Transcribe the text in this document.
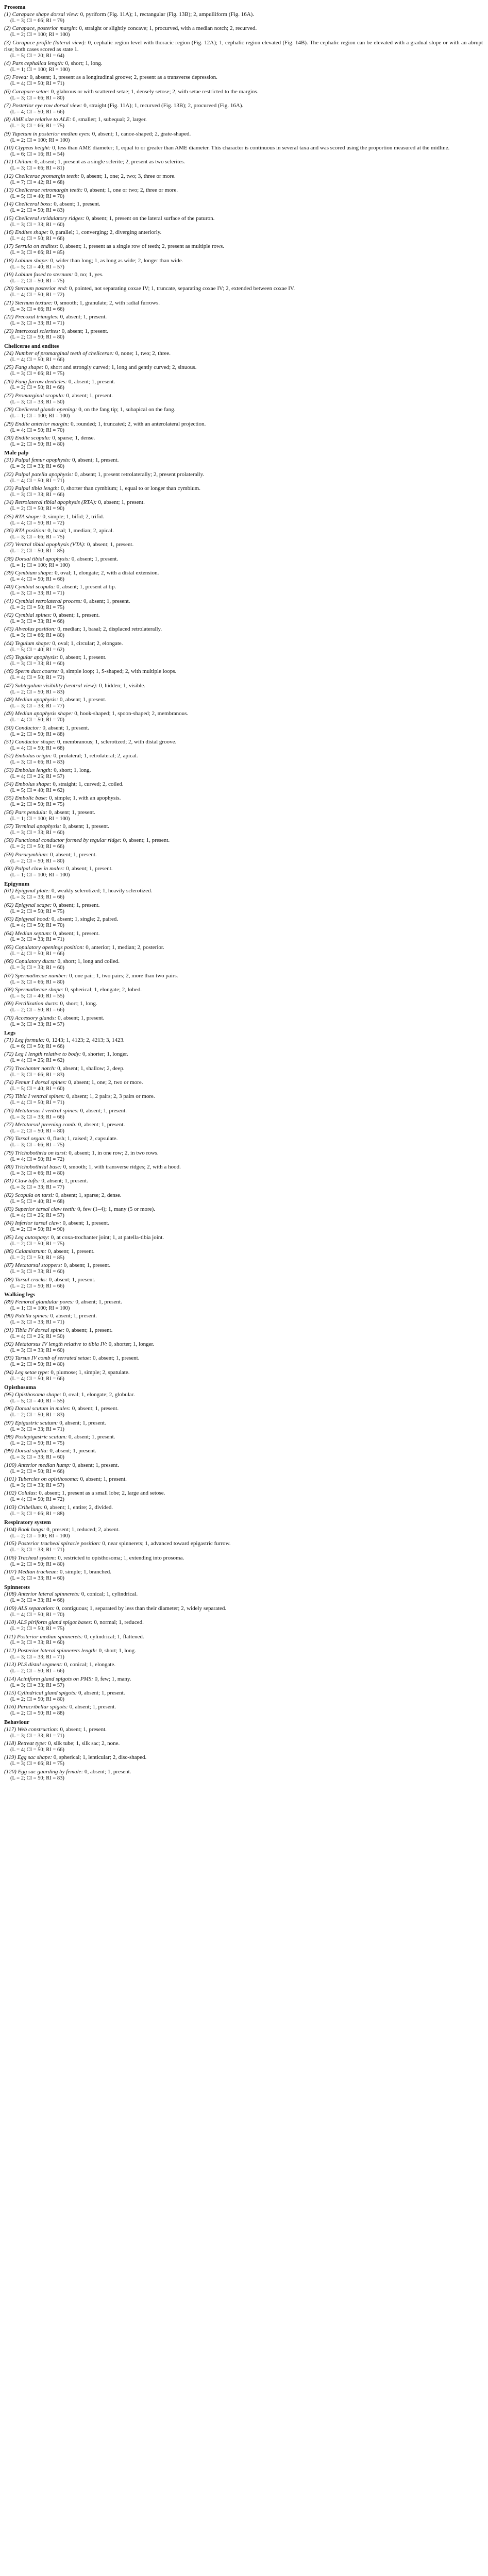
Prosoma
(1) Carapace shape dorsal view: 0, pyriform (Fig. 11A); 1, rectangular (Fig. 13B); 2, ampulliform (Fig. 16A).
(L = 3; CI = 66; RI = 79)
(2) Carapace, posterior margin: 0, straight or slightly concave; 1, procurved, with a median notch; 2, recurved.
(L = 2; CI = 100; RI = 100)
(3) Carapace profile (lateral view): 0, cephalic region level with thoracic region (Fig. 12A); 1, cephalic region elevated (Fig. 14B). The cephalic region can be elevated with a gradual slope or with an abrupt rise; both cases scored as state 1.
(L = 5; CI = 20; RI = 64)
(4) Pars cephalica length: 0, short; 1, long.
(L = 1; CI = 100; RI = 100)
(5) Fovea: 0, absent; 1, present as a longitudinal groove; 2, present as a transverse depression.
(L = 4; CI = 50; RI = 71)
(6) Carapace setae: 0, glabrous or with scattered setae; 1, densely setose; 2, with setae restricted to the margins.
(L = 3; CI = 66; RI = 80)
(7) Posterior eye row dorsal view: 0, straight (Fig. 11A); 1, recurved (Fig. 13B); 2, procurved (Fig. 16A).
(L = 4; CI = 50; RI = 66)
(8) AME size relative to ALE: 0, smaller; 1, subequal; 2, larger.
(L = 3; CI = 66; RI = 75)
(9) Tapetum in posterior median eyes: 0, absent; 1, canoe-shaped; 2, grate-shaped.
(L = 2; CI = 100; RI = 100)
(10) Clypeus height: 0, less than AME diameter; 1, equal to or greater than AME diameter. This character is continuous in several taxa and was scored using the proportion measured at the midline.
(L = 6; CI = 16; RI = 54)
(11) Chilum: 0, absent; 1, present as a single sclerite; 2, present as two sclerites.
(L = 3; CI = 66; RI = 81)
(12) Chelicerae promargin teeth: 0, absent; 1, one; 2, two; 3, three or more.
(L = 7; CI = 42; RI = 68)
(13) Chelicerae retromargin teeth: 0, absent; 1, one or two; 2, three or more.
(L = 5; CI = 40; RI = 70)
(14) Cheliceral boss: 0, absent; 1, present.
(L = 2; CI = 50; RI = 83)
(15) Cheliceral stridulatory ridges: 0, absent; 1, present on the lateral surface of the paturon.
(L = 3; CI = 33; RI = 60)
(16) Endites shape: 0, parallel; 1, converging; 2, diverging anteriorly.
(L = 4; CI = 50; RI = 66)
(17) Serrula on endites: 0, absent; 1, present as a single row of teeth; 2, present as multiple rows.
(L = 3; CI = 66; RI = 85)
(18) Labium shape: 0, wider than long; 1, as long as wide; 2, longer than wide.
(L = 5; CI = 40; RI = 57)
(19) Labium fused to sternum: 0, no; 1, yes.
(L = 2; CI = 50; RI = 75)
(20) Sternum posterior end: 0, pointed, not separating coxae IV; 1, truncate, separating coxae IV; 2, extended between coxae IV.
(L = 4; CI = 50; RI = 72)
(21) Sternum texture: 0, smooth; 1, granulate; 2, with radial furrows.
(L = 3; CI = 66; RI = 66)
(22) Precoxal triangles: 0, absent; 1, present.
(L = 3; CI = 33; RI = 71)
(23) Intercoxal sclerites: 0, absent; 1, present.
(L = 2; CI = 50; RI = 80)
Chelicerae and endites
(24) Number of promarginal teeth of chelicerae: 0, none; 1, two; 2, three.
(L = 4; CI = 50; RI = 66)
(25) Fang shape: 0, short and strongly curved; 1, long and gently curved; 2, sinuous.
(L = 3; CI = 66; RI = 75)
(26) Fang furrow denticles: 0, absent; 1, present.
(L = 2; CI = 50; RI = 66)
(27) Promarginal scopula: 0, absent; 1, present.
(L = 3; CI = 33; RI = 50)
(28) Cheliceral glands opening: 0, on the fang tip; 1, subapical on the fang.
(L = 1; CI = 100; RI = 100)
(29) Endite anterior margin: 0, rounded; 1, truncated; 2, with an anterolateral projection.
(L = 4; CI = 50; RI = 70)
(30) Endite scopula: 0, sparse; 1, dense.
(L = 2; CI = 50; RI = 80)
Male palp
(31) Palpal femur apophysis: 0, absent; 1, present.
(L = 3; CI = 33; RI = 60)
(32) Palpal patella apophysis: 0, absent; 1, present retrolaterally; 2, present prolaterally.
(L = 4; CI = 50; RI = 71)
(33) Palpal tibia length: 0, shorter than cymbium; 1, equal to or longer than cymbium.
(L = 3; CI = 33; RI = 66)
(34) Retrolateral tibial apophysis (RTA): 0, absent; 1, present.
(L = 2; CI = 50; RI = 90)
(35) RTA shape: 0, simple; 1, bifid; 2, trifid.
(L = 4; CI = 50; RI = 72)
(36) RTA position: 0, basal; 1, median; 2, apical.
(L = 3; CI = 66; RI = 75)
(37) Ventral tibial apophysis (VTA): 0, absent; 1, present.
(L = 2; CI = 50; RI = 85)
(38) Dorsal tibial apophysis: 0, absent; 1, present.
(L = 1; CI = 100; RI = 100)
(39) Cymbium shape: 0, oval; 1, elongate; 2, with a distal extension.
(L = 4; CI = 50; RI = 66)
(40) Cymbial scopula: 0, absent; 1, present at tip.
(L = 3; CI = 33; RI = 71)
(41) Cymbial retrolateral process: 0, absent; 1, present.
(L = 2; CI = 50; RI = 75)
(42) Cymbial spines: 0, absent; 1, present.
(L = 3; CI = 33; RI = 66)
(43) Alveolus position: 0, median; 1, basal; 2, displaced retrolaterally.
(L = 3; CI = 66; RI = 80)
(44) Tegulum shape: 0, oval; 1, circular; 2, elongate.
(L = 5; CI = 40; RI = 62)
(45) Tegular apophysis: 0, absent; 1, present.
(L = 3; CI = 33; RI = 60)
(46) Sperm duct course: 0, simple loop; 1, S-shaped; 2, with multiple loops.
(L = 4; CI = 50; RI = 72)
(47) Subtegulum visibility (ventral view): 0, hidden; 1, visible.
(L = 2; CI = 50; RI = 83)
(48) Median apophysis: 0, absent; 1, present.
(L = 3; CI = 33; RI = 77)
(49) Median apophysis shape: 0, hook-shaped; 1, spoon-shaped; 2, membranous.
(L = 4; CI = 50; RI = 70)
(50) Conductor: 0, absent; 1, present.
(L = 2; CI = 50; RI = 88)
(51) Conductor shape: 0, membranous; 1, sclerotized; 2, with distal groove.
(L = 4; CI = 50; RI = 68)
(52) Embolus origin: 0, prolateral; 1, retrolateral; 2, apical.
(L = 3; CI = 66; RI = 83)
(53) Embolus length: 0, short; 1, long.
(L = 4; CI = 25; RI = 57)
(54) Embolus shape: 0, straight; 1, curved; 2, coiled.
(L = 5; CI = 40; RI = 62)
(55) Embolic base: 0, simple; 1, with an apophysis.
(L = 2; CI = 50; RI = 75)
(56) Pars pendula: 0, absent; 1, present.
(L = 1; CI = 100; RI = 100)
(57) Terminal apophysis: 0, absent; 1, present.
(L = 3; CI = 33; RI = 60)
(58) Functional conductor formed by tegular ridge: 0, absent; 1, present.
(L = 2; CI = 50; RI = 66)
(59) Paracymbium: 0, absent; 1, present.
(L = 2; CI = 50; RI = 80)
(60) Palpal claw in males: 0, absent; 1, present.
(L = 1; CI = 100; RI = 100)
Epigynum
(61) Epigynal plate: 0, weakly sclerotized; 1, heavily sclerotized.
(L = 3; CI = 33; RI = 66)
(62) Epigynal scape: 0, absent; 1, present.
(L = 2; CI = 50; RI = 75)
(63) Epigynal hood: 0, absent; 1, single; 2, paired.
(L = 4; CI = 50; RI = 70)
(64) Median septum: 0, absent; 1, present.
(L = 3; CI = 33; RI = 71)
(65) Copulatory openings position: 0, anterior; 1, median; 2, posterior.
(L = 4; CI = 50; RI = 66)
(66) Copulatory ducts: 0, short; 1, long and coiled.
(L = 3; CI = 33; RI = 60)
(67) Spermathecae number: 0, one pair; 1, two pairs; 2, more than two pairs.
(L = 3; CI = 66; RI = 80)
(68) Spermathecae shape: 0, spherical; 1, elongate; 2, lobed.
(L = 5; CI = 40; RI = 55)
(69) Fertilization ducts: 0, short; 1, long.
(L = 2; CI = 50; RI = 66)
(70) Accessory glands: 0, absent; 1, present.
(L = 3; CI = 33; RI = 57)
Legs
(71) Leg formula: 0, 1243; 1, 4123; 2, 4213; 3, 1423.
(L = 6; CI = 50; RI = 66)
(72) Leg I length relative to body: 0, shorter; 1, longer.
(L = 4; CI = 25; RI = 62)
(73) Trochanter notch: 0, absent; 1, shallow; 2, deep.
(L = 3; CI = 66; RI = 83)
(74) Femur I dorsal spines: 0, absent; 1, one; 2, two or more.
(L = 5; CI = 40; RI = 60)
(75) Tibia I ventral spines: 0, absent; 1, 2 pairs; 2, 3 pairs or more.
(L = 4; CI = 50; RI = 71)
(76) Metatarsus I ventral spines: 0, absent; 1, present.
(L = 3; CI = 33; RI = 66)
(77) Metatarsal preening comb: 0, absent; 1, present.
(L = 2; CI = 50; RI = 80)
(78) Tarsal organ: 0, flush; 1, raised; 2, capsulate.
(L = 3; CI = 66; RI = 75)
(79) Trichobothria on tarsi: 0, absent; 1, in one row; 2, in two rows.
(L = 4; CI = 50; RI = 72)
(80) Trichobothrial base: 0, smooth; 1, with transverse ridges; 2, with a hood.
(L = 3; CI = 66; RI = 80)
(81) Claw tufts: 0, absent; 1, present.
(L = 3; CI = 33; RI = 77)
(82) Scopula on tarsi: 0, absent; 1, sparse; 2, dense.
(L = 5; CI = 40; RI = 68)
(83) Superior tarsal claw teeth: 0, few (1–4); 1, many (5 or more).
(L = 4; CI = 25; RI = 57)
(84) Inferior tarsal claw: 0, absent; 1, present.
(L = 2; CI = 50; RI = 90)
(85) Leg autospasy: 0, at coxa-trochanter joint; 1, at patella-tibia joint.
(L = 2; CI = 50; RI = 75)
(86) Calamistrum: 0, absent; 1, present.
(L = 2; CI = 50; RI = 85)
(87) Metatarsal stoppers: 0, absent; 1, present.
(L = 3; CI = 33; RI = 60)
(88) Tarsal cracks: 0, absent; 1, present.
(L = 2; CI = 50; RI = 66)
Walking legs
(89) Femoral glandular pores: 0, absent; 1, present.
(L = 1; CI = 100; RI = 100)
(90) Patella spines: 0, absent; 1, present.
(L = 3; CI = 33; RI = 71)
(91) Tibia IV dorsal spine: 0, absent; 1, present.
(L = 4; CI = 25; RI = 50)
(92) Metatarsus IV length relative to tibia IV: 0, shorter; 1, longer.
(L = 3; CI = 33; RI = 60)
(93) Tarsus IV comb of serrated setae: 0, absent; 1, present.
(L = 2; CI = 50; RI = 80)
(94) Leg setae type: 0, plumose; 1, simple; 2, spatulate.
(L = 4; CI = 50; RI = 66)
Opisthosoma
(95) Opisthosoma shape: 0, oval; 1, elongate; 2, globular.
(L = 5; CI = 40; RI = 55)
(96) Dorsal scutum in males: 0, absent; 1, present.
(L = 2; CI = 50; RI = 83)
(97) Epigastric scutum: 0, absent; 1, present.
(L = 3; CI = 33; RI = 71)
(98) Postepigastric scutum: 0, absent; 1, present.
(L = 2; CI = 50; RI = 75)
(99) Dorsal sigilla: 0, absent; 1, present.
(L = 3; CI = 33; RI = 60)
(100) Anterior median hump: 0, absent; 1, present.
(L = 2; CI = 50; RI = 66)
(101) Tubercles on opisthosoma: 0, absent; 1, present.
(L = 3; CI = 33; RI = 57)
(102) Colulus: 0, absent; 1, present as a small lobe; 2, large and setose.
(L = 4; CI = 50; RI = 72)
(103) Cribellum: 0, absent; 1, entire; 2, divided.
(L = 3; CI = 66; RI = 88)
Respiratory system
(104) Book lungs: 0, present; 1, reduced; 2, absent.
(L = 2; CI = 100; RI = 100)
(105) Posterior tracheal spiracle position: 0, near spinnerets; 1, advanced toward epigastric furrow.
(L = 3; CI = 33; RI = 71)
(106) Tracheal system: 0, restricted to opisthosoma; 1, extending into prosoma.
(L = 2; CI = 50; RI = 80)
(107) Median tracheae: 0, simple; 1, branched.
(L = 3; CI = 33; RI = 60)
Spinnerets
(108) Anterior lateral spinnerets: 0, conical; 1, cylindrical.
(L = 3; CI = 33; RI = 66)
(109) ALS separation: 0, contiguous; 1, separated by less than their diameter; 2, widely separated.
(L = 4; CI = 50; RI = 70)
(110) ALS piriform gland spigot bases: 0, normal; 1, reduced.
(L = 2; CI = 50; RI = 75)
(111) Posterior median spinnerets: 0, cylindrical; 1, flattened.
(L = 3; CI = 33; RI = 60)
(112) Posterior lateral spinnerets length: 0, short; 1, long.
(L = 3; CI = 33; RI = 71)
(113) PLS distal segment: 0, conical; 1, elongate.
(L = 2; CI = 50; RI = 66)
(114) Aciniform gland spigots on PMS: 0, few; 1, many.
(L = 3; CI = 33; RI = 57)
(115) Cylindrical gland spigots: 0, absent; 1, present.
(L = 2; CI = 50; RI = 80)
(116) Paracribellar spigots: 0, absent; 1, present.
(L = 2; CI = 50; RI = 88)
Behaviour
(117) Web construction: 0, absent; 1, present.
(L = 3; CI = 33; RI = 71)
(118) Retreat type: 0, silk tube; 1, silk sac; 2, none.
(L = 4; CI = 50; RI = 66)
(119) Egg sac shape: 0, spherical; 1, lenticular; 2, disc-shaped.
(L = 3; CI = 66; RI = 75)
(120) Egg sac guarding by female: 0, absent; 1, present.
(L = 2; CI = 50; RI = 83)
